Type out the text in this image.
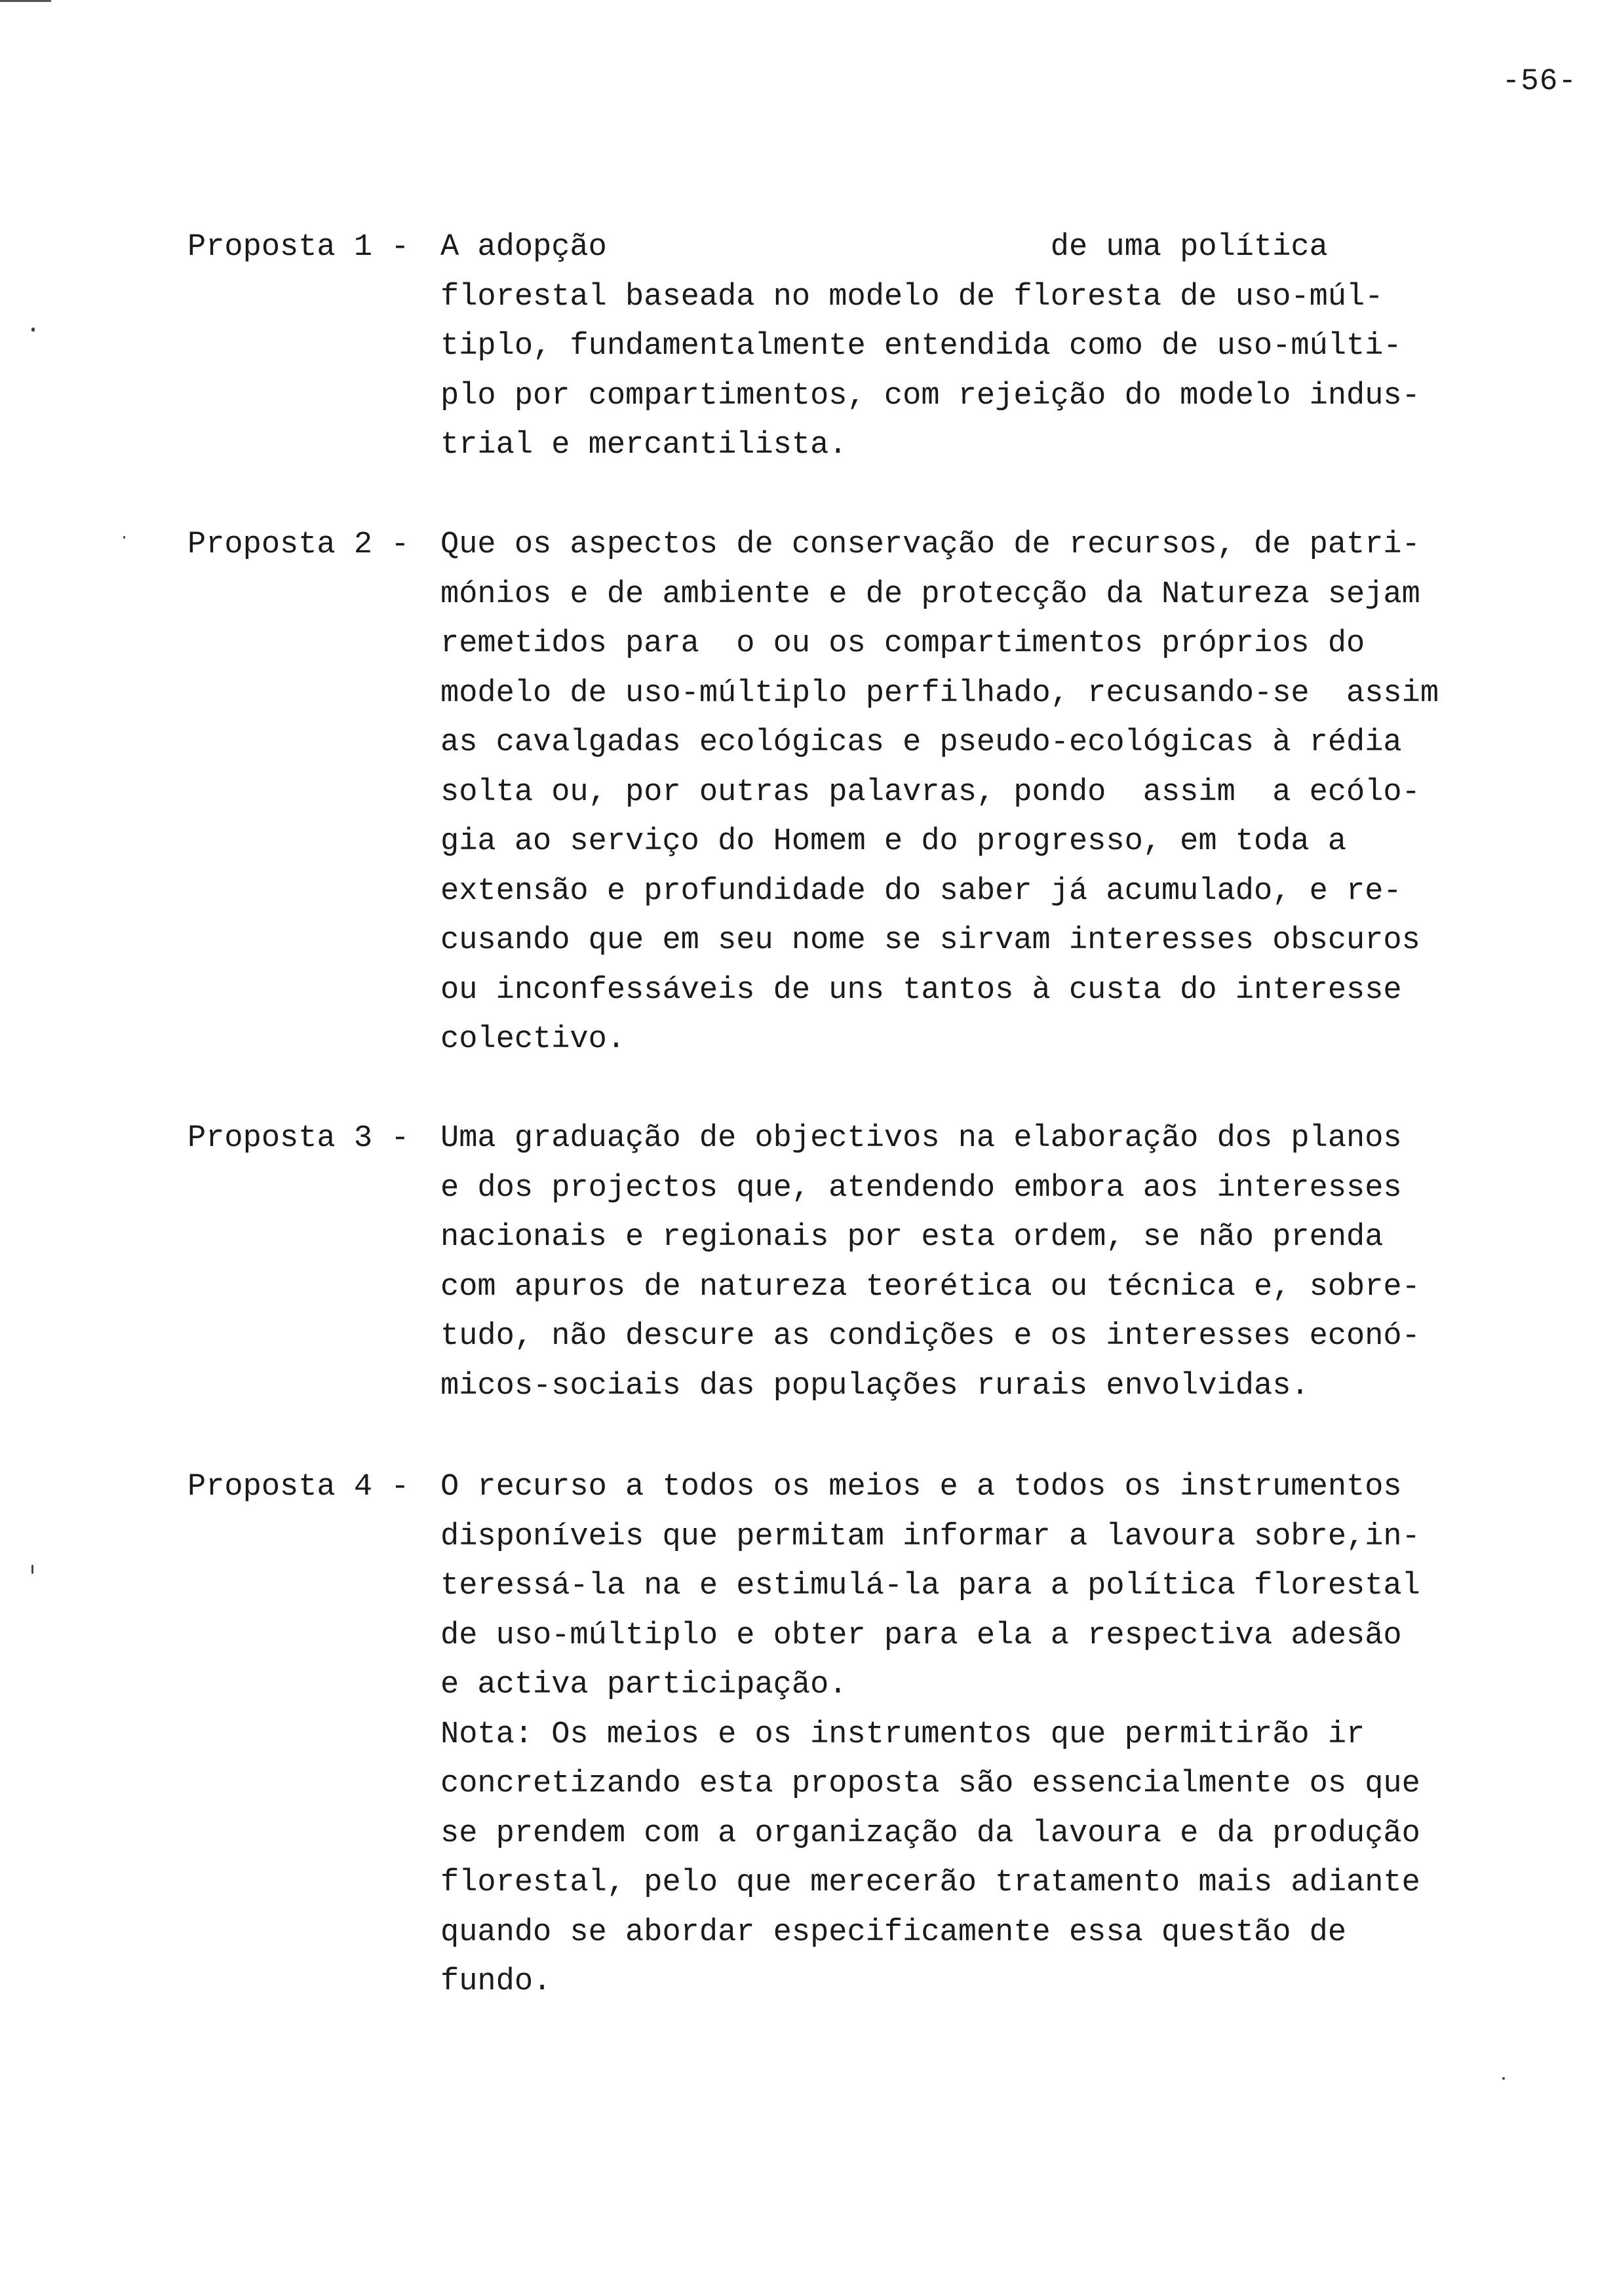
-56-
Proposta 1 - A adopção                        de uma política
florestal baseada no modelo de floresta de uso-múl-
tiplo, fundamentalmente entendida como de uso-múlti-
plo por compartimentos, com rejeição do modelo indus-
trial e mercantilista.
Proposta 2 - Que os aspectos de conservação de recursos, de patri-
mónios e de ambiente e de protecção da Natureza sejam
remetidos para  o ou os compartimentos próprios do
modelo de uso-múltiplo perfilhado, recusando-se  assim
as cavalgadas ecológicas e pseudo-ecológicas à rédia
solta ou, por outras palavras, pondo  assim  a ecólo-
gia ao serviço do Homem e do progresso, em toda a
extensão e profundidade do saber já acumulado, e re-
cusando que em seu nome se sirvam interesses obscuros
ou inconfessáveis de uns tantos à custa do interesse
colectivo.
Proposta 3 - Uma graduação de objectivos na elaboração dos planos
e dos projectos que, atendendo embora aos interesses
nacionais e regionais por esta ordem, se não prenda
com apuros de natureza teorética ou técnica e, sobre-
tudo, não descure as condições e os interesses econó-
micos-sociais das populações rurais envolvidas.
Proposta 4 - O recurso a todos os meios e a todos os instrumentos
disponíveis que permitam informar a lavoura sobre,in-
teressá-la na e estimulá-la para a política florestal
de uso-múltiplo e obter para ela a respectiva adesão
e activa participação.
Nota: Os meios e os instrumentos que permitirão ir
concretizando esta proposta são essencialmente os que
se prendem com a organização da lavoura e da produção
florestal, pelo que merecerão tratamento mais adiante
quando se abordar especificamente essa questão de
fundo.
